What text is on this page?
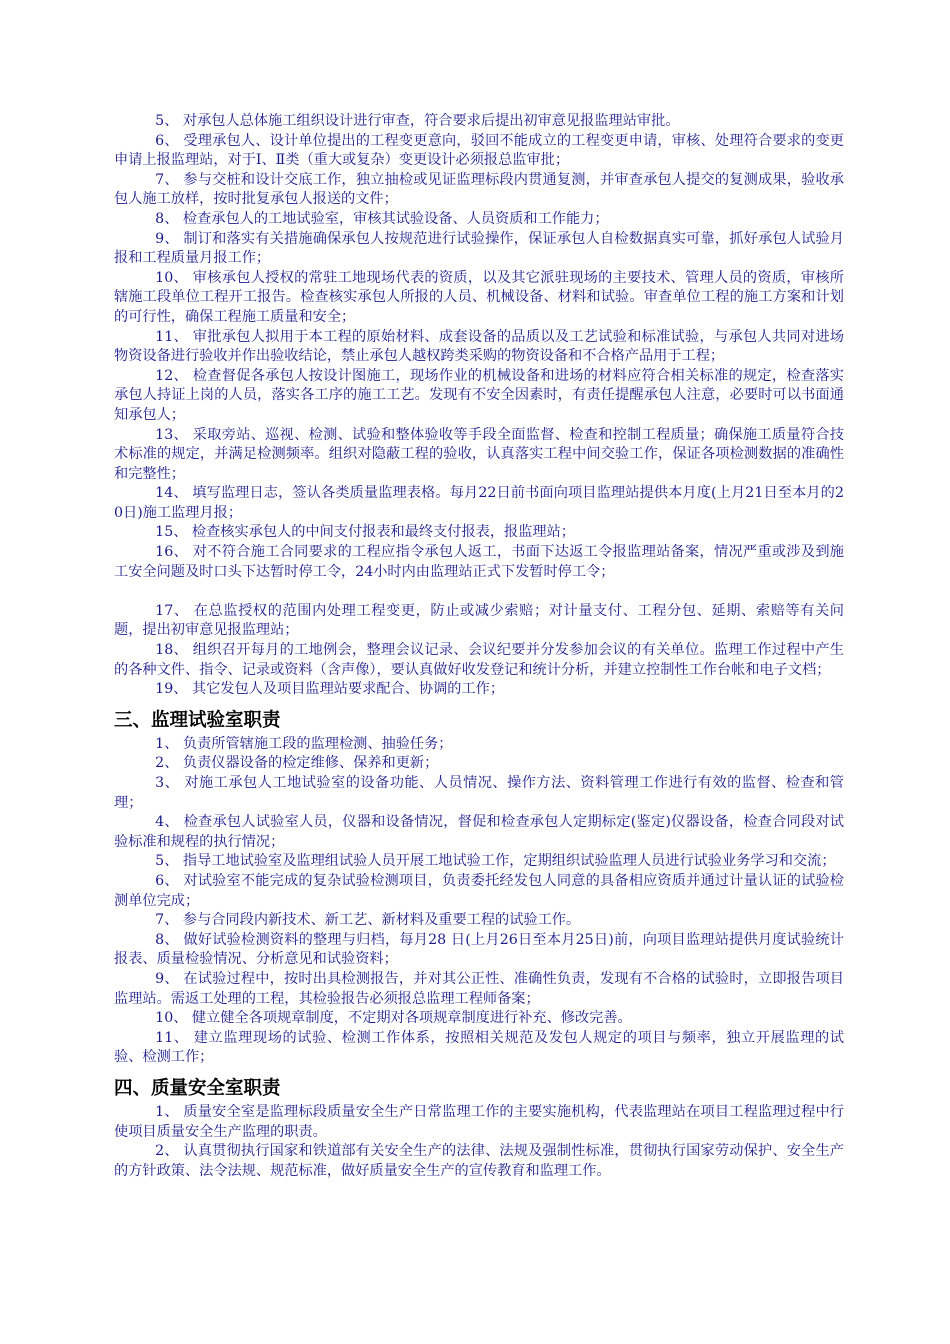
5、 对承包人总体施工组织设计进行审查，符合要求后提出初审意见报监理站审批。

6、 受理承包人、设计单位提出的工程变更意向，驳回不能成立的工程变更申请，审核、处理符合要求的变更申请上报监理站，对于Ⅰ、Ⅱ类（重大或复杂）变更设计必须报总监审批；

7、 参与交桩和设计交底工作，独立抽检或见证监理标段内贯通复测，并审查承包人提交的复测成果，验收承包人施工放样，按时批复承包人报送的文件；

8、 检查承包人的工地试验室，审核其试验设备、人员资质和工作能力；

9、 制订和落实有关措施确保承包人按规范进行试验操作，保证承包人自检数据真实可靠，抓好承包人试验月报和工程质量月报工作；

10、 审核承包人授权的常驻工地现场代表的资质，以及其它派驻现场的主要技术、管理人员的资质，审核所辖施工段单位工程开工报告。检查核实承包人所报的人员、机械设备、材料和试验。审查单位工程的施工方案和计划的可行性，确保工程施工质量和安全；

11、 审批承包人拟用于本工程的原始材料、成套设备的品质以及工艺试验和标准试验，与承包人共同对进场物资设备进行验收并作出验收结论，禁止承包人越权跨类采购的物资设备和不合格产品用于工程；

12、 检查督促各承包人按设计图施工，现场作业的机械设备和进场的材料应符合相关标准的规定，检查落实承包人持证上岗的人员，落实各工序的施工工艺。发现有不安全因素时，有责任提醒承包人注意，必要时可以书面通知承包人；

13、 采取旁站、巡视、检测、试验和整体验收等手段全面监督、检查和控制工程质量；确保施工质量符合技术标准的规定，并满足检测频率。组织对隐蔽工程的验收，认真落实工程中间交验工作，保证各项检测数据的准确性和完整性；

14、 填写监理日志，签认各类质量监理表格。每月22日前书面向项目监理站提供本月度(上月21日至本月的20日)施工监理月报；

15、 检查核实承包人的中间支付报表和最终支付报表，报监理站；

16、 对不符合施工合同要求的工程应指令承包人返工，书面下达返工令报监理站备案，情况严重或涉及到施工安全问题及时口头下达暂时停工令，24小时内由监理站正式下发暂时停工令；

17、 在总监授权的范围内处理工程变更，防止或减少索赔；对计量支付、工程分包、延期、索赔等有关问题，提出初审意见报监理站；

18、 组织召开每月的工地例会，整理会议记录、会议纪要并分发参加会议的有关单位。监理工作过程中产生的各种文件、指令、记录或资料（含声像），要认真做好收发登记和统计分析，并建立控制性工作台帐和电子文档；

19、 其它发包人及项目监理站要求配合、协调的工作；

三、监理试验室职责

1、 负责所管辖施工段的监理检测、抽验任务；

2、 负责仪器设备的检定维修、保养和更新；

3、 对施工承包人工地试验室的设备功能、人员情况、操作方法、资料管理工作进行有效的监督、检查和管理；

4、 检查承包人试验室人员，仪器和设备情况，督促和检查承包人定期标定(鉴定)仪器设备，检查合同段对试验标准和规程的执行情况；

5、 指导工地试验室及监理组试验人员开展工地试验工作，定期组织试验监理人员进行试验业务学习和交流；

6、 对试验室不能完成的复杂试验检测项目，负责委托经发包人同意的具备相应资质并通过计量认证的试验检测单位完成；

7、 参与合同段内新技术、新工艺、新材料及重要工程的试验工作。

8、 做好试验检测资料的整理与归档，每月28 日(上月26日至本月25日)前，向项目监理站提供月度试验统计报表、质量检验情况、分析意见和试验资料；

9、 在试验过程中，按时出具检测报告，并对其公正性、准确性负责，发现有不合格的试验时，立即报告项目监理站。需返工处理的工程，其检验报告必须报总监理工程师备案；

10、 健立健全各项规章制度，不定期对各项规章制度进行补充、修改完善。

11、 建立监理现场的试验、检测工作体系，按照相关规范及发包人规定的项目与频率，独立开展监理的试验、检测工作；

四、质量安全室职责

1、 质量安全室是监理标段质量安全生产日常监理工作的主要实施机构，代表监理站在项目工程监理过程中行使项目质量安全生产监理的职责。

2、 认真贯彻执行国家和铁道部有关安全生产的法律、法规及强制性标准，贯彻执行国家劳动保护、安全生产的方针政策、法令法规、规范标准，做好质量安全生产的宣传教育和监理工作。
